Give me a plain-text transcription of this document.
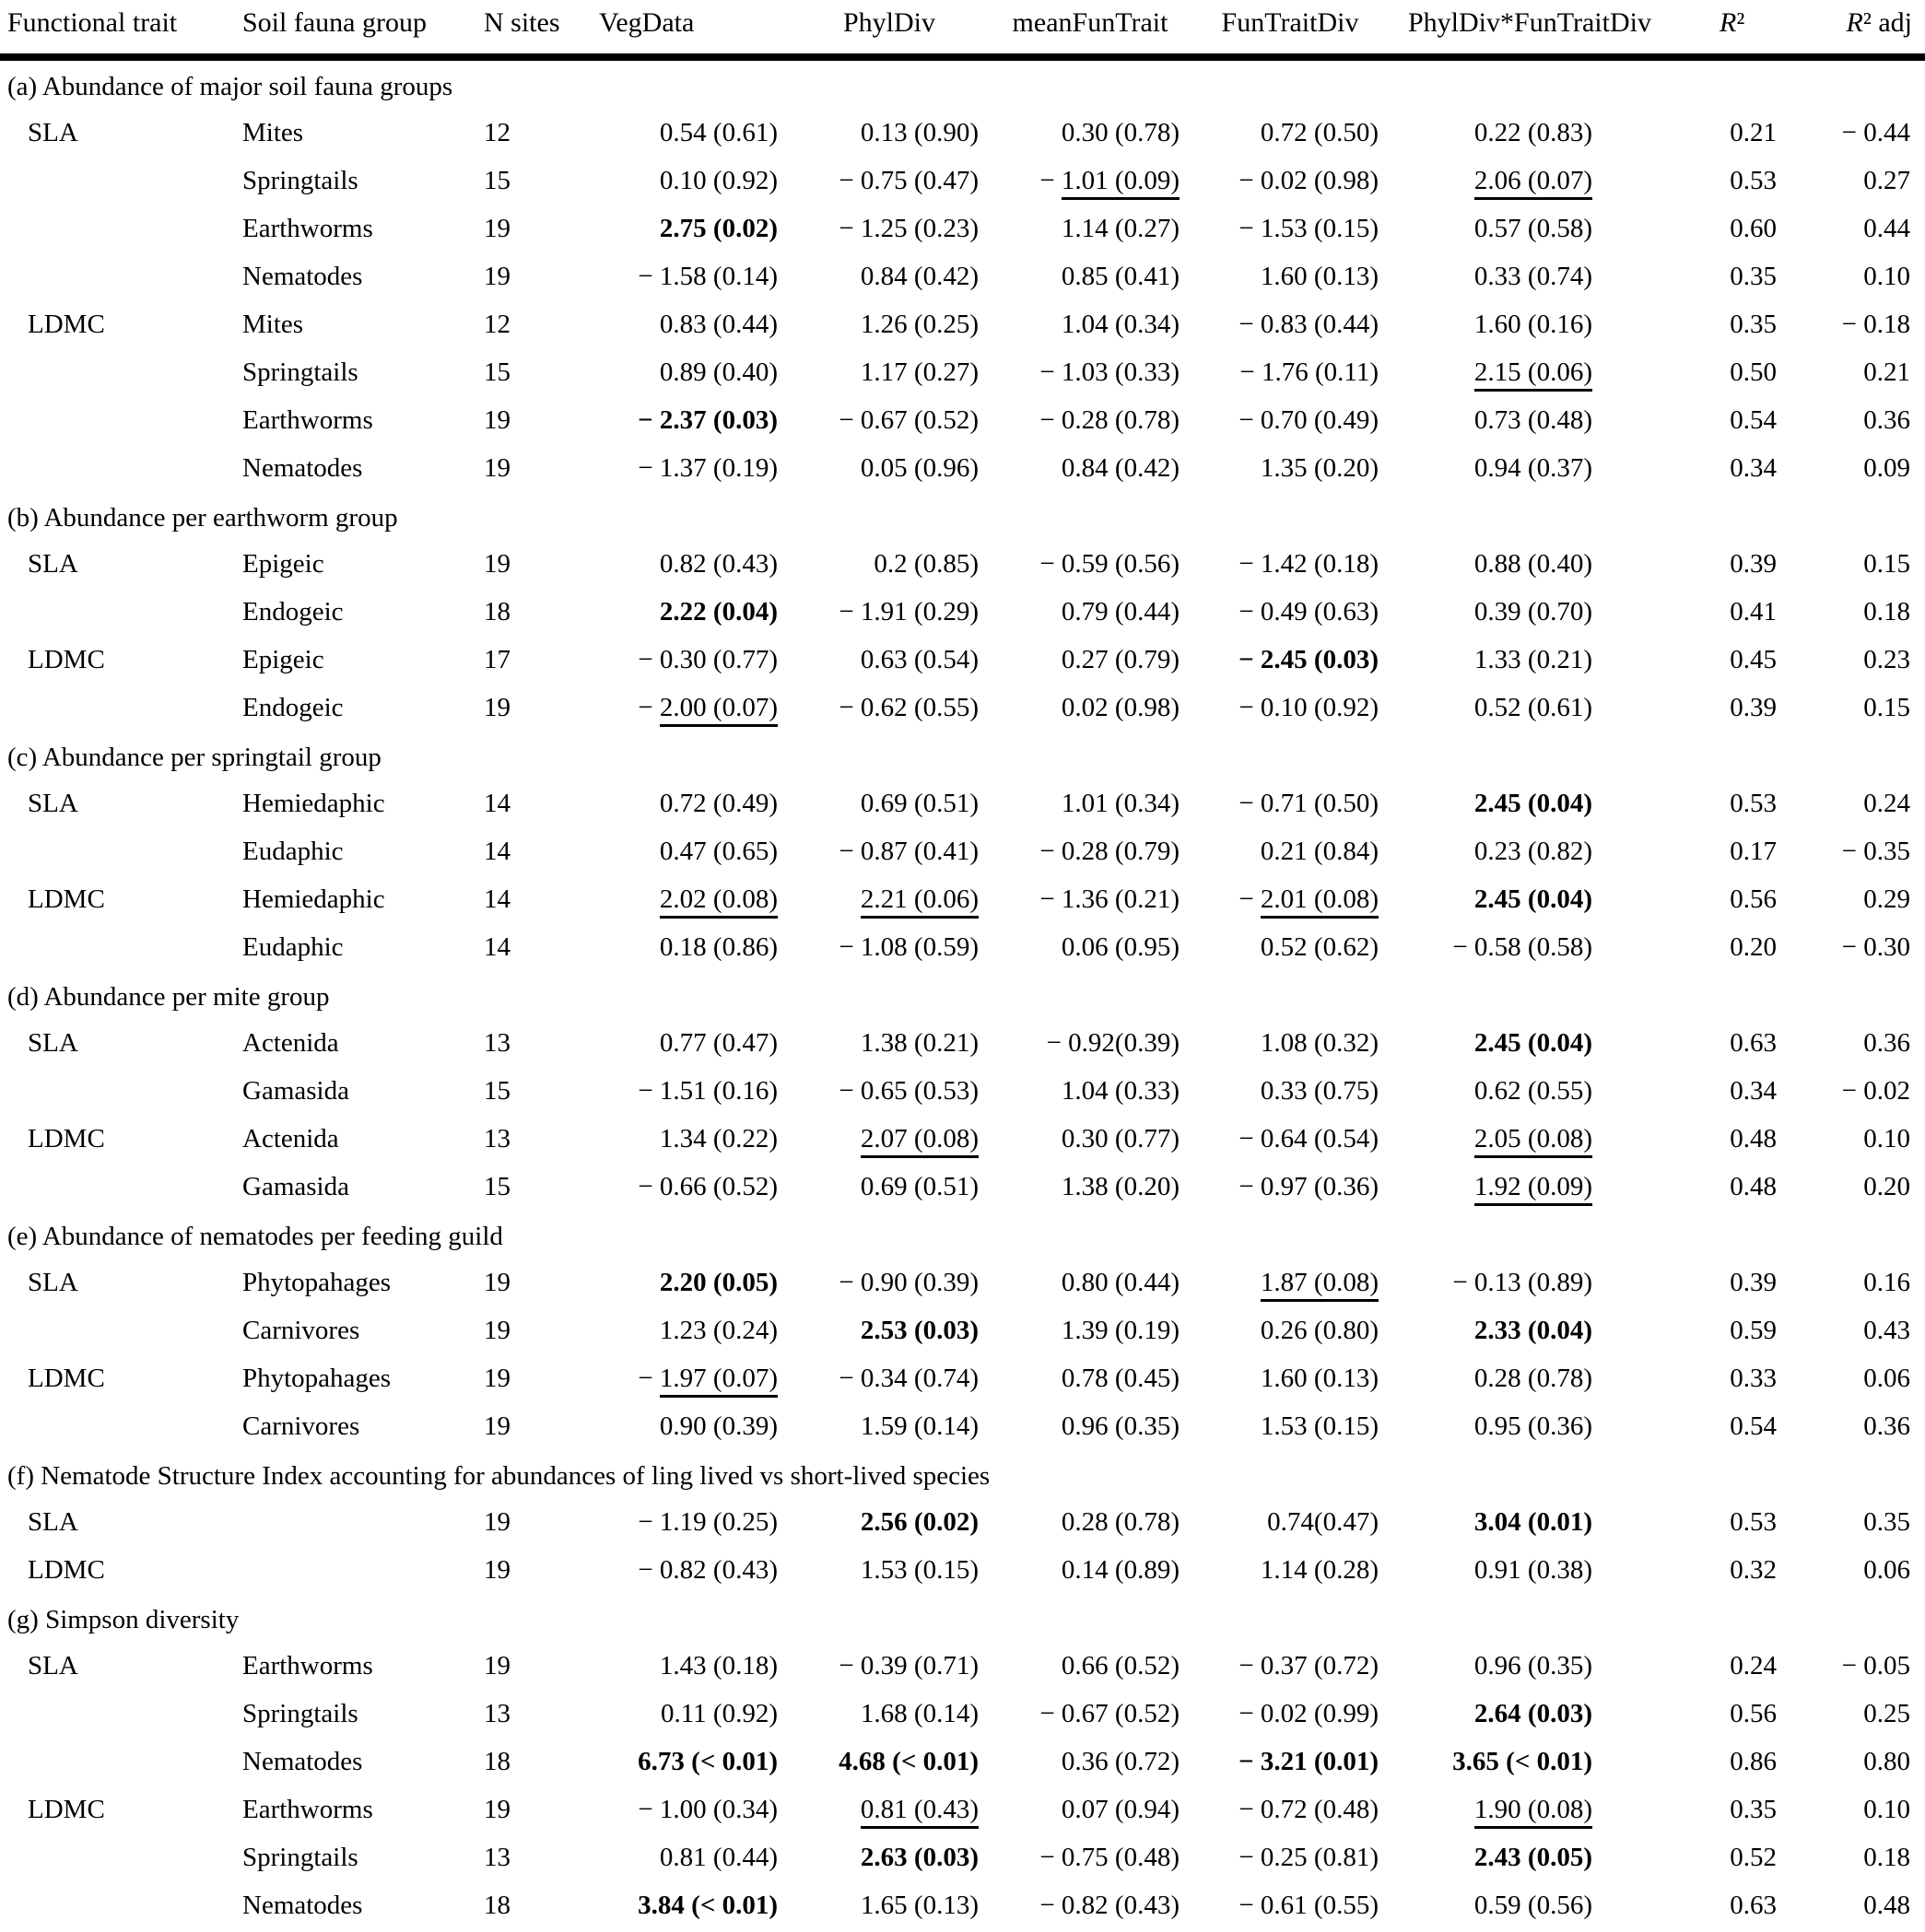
Functional trait	Soil fauna group	N sites	VegData	PhylDiv	meanFunTrait	FunTraitDiv	PhylDiv*FunTraitDiv	R²	R² adj
(a) Abundance of major soil fauna groups									
SLA	Mites	12	0.54 (0.61)	0.13 (0.90)	0.30 (0.78)	0.72 (0.50)	0.22 (0.83)	0.21	− 0.44
	Springtails	15	0.10 (0.92)	− 0.75 (0.47)	− 1.01 (0.09)	− 0.02 (0.98)	2.06 (0.07)	0.53	0.27
	Earthworms	19	2.75 (0.02)	− 1.25 (0.23)	1.14 (0.27)	− 1.53 (0.15)	0.57 (0.58)	0.60	0.44
	Nematodes	19	− 1.58 (0.14)	0.84 (0.42)	0.85 (0.41)	1.60 (0.13)	0.33 (0.74)	0.35	0.10
LDMC	Mites	12	0.83 (0.44)	1.26 (0.25)	1.04 (0.34)	− 0.83 (0.44)	1.60 (0.16)	0.35	− 0.18
	Springtails	15	0.89 (0.40)	1.17 (0.27)	− 1.03 (0.33)	− 1.76 (0.11)	2.15 (0.06)	0.50	0.21
	Earthworms	19	− 2.37 (0.03)	− 0.67 (0.52)	− 0.28 (0.78)	− 0.70 (0.49)	0.73 (0.48)	0.54	0.36
	Nematodes	19	− 1.37 (0.19)	0.05 (0.96)	0.84 (0.42)	1.35 (0.20)	0.94 (0.37)	0.34	0.09
(b) Abundance per earthworm group									
SLA	Epigeic	19	0.82 (0.43)	0.2 (0.85)	− 0.59 (0.56)	− 1.42 (0.18)	0.88 (0.40)	0.39	0.15
	Endogeic	18	2.22 (0.04)	− 1.91 (0.29)	0.79 (0.44)	− 0.49 (0.63)	0.39 (0.70)	0.41	0.18
LDMC	Epigeic	17	− 0.30 (0.77)	0.63 (0.54)	0.27 (0.79)	− 2.45 (0.03)	1.33 (0.21)	0.45	0.23
	Endogeic	19	− 2.00 (0.07)	− 0.62 (0.55)	0.02 (0.98)	− 0.10 (0.92)	0.52 (0.61)	0.39	0.15
(c) Abundance per springtail group									
SLA	Hemiedaphic	14	0.72 (0.49)	0.69 (0.51)	1.01 (0.34)	− 0.71 (0.50)	2.45 (0.04)	0.53	0.24
	Eudaphic	14	0.47 (0.65)	− 0.87 (0.41)	− 0.28 (0.79)	0.21 (0.84)	0.23 (0.82)	0.17	− 0.35
LDMC	Hemiedaphic	14	2.02 (0.08)	2.21 (0.06)	− 1.36 (0.21)	− 2.01 (0.08)	2.45 (0.04)	0.56	0.29
	Eudaphic	14	0.18 (0.86)	− 1.08 (0.59)	0.06 (0.95)	0.52 (0.62)	− 0.58 (0.58)	0.20	− 0.30
(d) Abundance per mite group									
SLA	Actenida	13	0.77 (0.47)	1.38 (0.21)	− 0.92(0.39)	1.08 (0.32)	2.45 (0.04)	0.63	0.36
	Gamasida	15	− 1.51 (0.16)	− 0.65 (0.53)	1.04 (0.33)	0.33 (0.75)	0.62 (0.55)	0.34	− 0.02
LDMC	Actenida	13	1.34 (0.22)	2.07 (0.08)	0.30 (0.77)	− 0.64 (0.54)	2.05 (0.08)	0.48	0.10
	Gamasida	15	− 0.66 (0.52)	0.69 (0.51)	1.38 (0.20)	− 0.97 (0.36)	1.92 (0.09)	0.48	0.20
(e) Abundance of nematodes per feeding guild									
SLA	Phytopahages	19	2.20 (0.05)	− 0.90 (0.39)	0.80 (0.44)	1.87 (0.08)	− 0.13 (0.89)	0.39	0.16
	Carnivores	19	1.23 (0.24)	2.53 (0.03)	1.39 (0.19)	0.26 (0.80)	2.33 (0.04)	0.59	0.43
LDMC	Phytopahages	19	− 1.97 (0.07)	− 0.34 (0.74)	0.78 (0.45)	1.60 (0.13)	0.28 (0.78)	0.33	0.06
	Carnivores	19	0.90 (0.39)	1.59 (0.14)	0.96 (0.35)	1.53 (0.15)	0.95 (0.36)	0.54	0.36
(f) Nematode Structure Index accounting for abundances of ling lived vs short-lived species									
SLA		19	− 1.19 (0.25)	2.56 (0.02)	0.28 (0.78)	0.74(0.47)	3.04 (0.01)	0.53	0.35
LDMC		19	− 0.82 (0.43)	1.53 (0.15)	0.14 (0.89)	1.14 (0.28)	0.91 (0.38)	0.32	0.06
(g) Simpson diversity									
SLA	Earthworms	19	1.43 (0.18)	− 0.39 (0.71)	0.66 (0.52)	− 0.37 (0.72)	0.96 (0.35)	0.24	− 0.05
	Springtails	13	0.11 (0.92)	1.68 (0.14)	− 0.67 (0.52)	− 0.02 (0.99)	2.64 (0.03)	0.56	0.25
	Nematodes	18	6.73 (< 0.01)	4.68 (< 0.01)	0.36 (0.72)	− 3.21 (0.01)	3.65 (< 0.01)	0.86	0.80
LDMC	Earthworms	19	− 1.00 (0.34)	0.81 (0.43)	0.07 (0.94)	− 0.72 (0.48)	1.90 (0.08)	0.35	0.10
	Springtails	13	0.81 (0.44)	2.63 (0.03)	− 0.75 (0.48)	− 0.25 (0.81)	2.43 (0.05)	0.52	0.18
	Nematodes	18	3.84 (< 0.01)	1.65 (0.13)	− 0.82 (0.43)	− 0.61 (0.55)	0.59 (0.56)	0.63	0.48
